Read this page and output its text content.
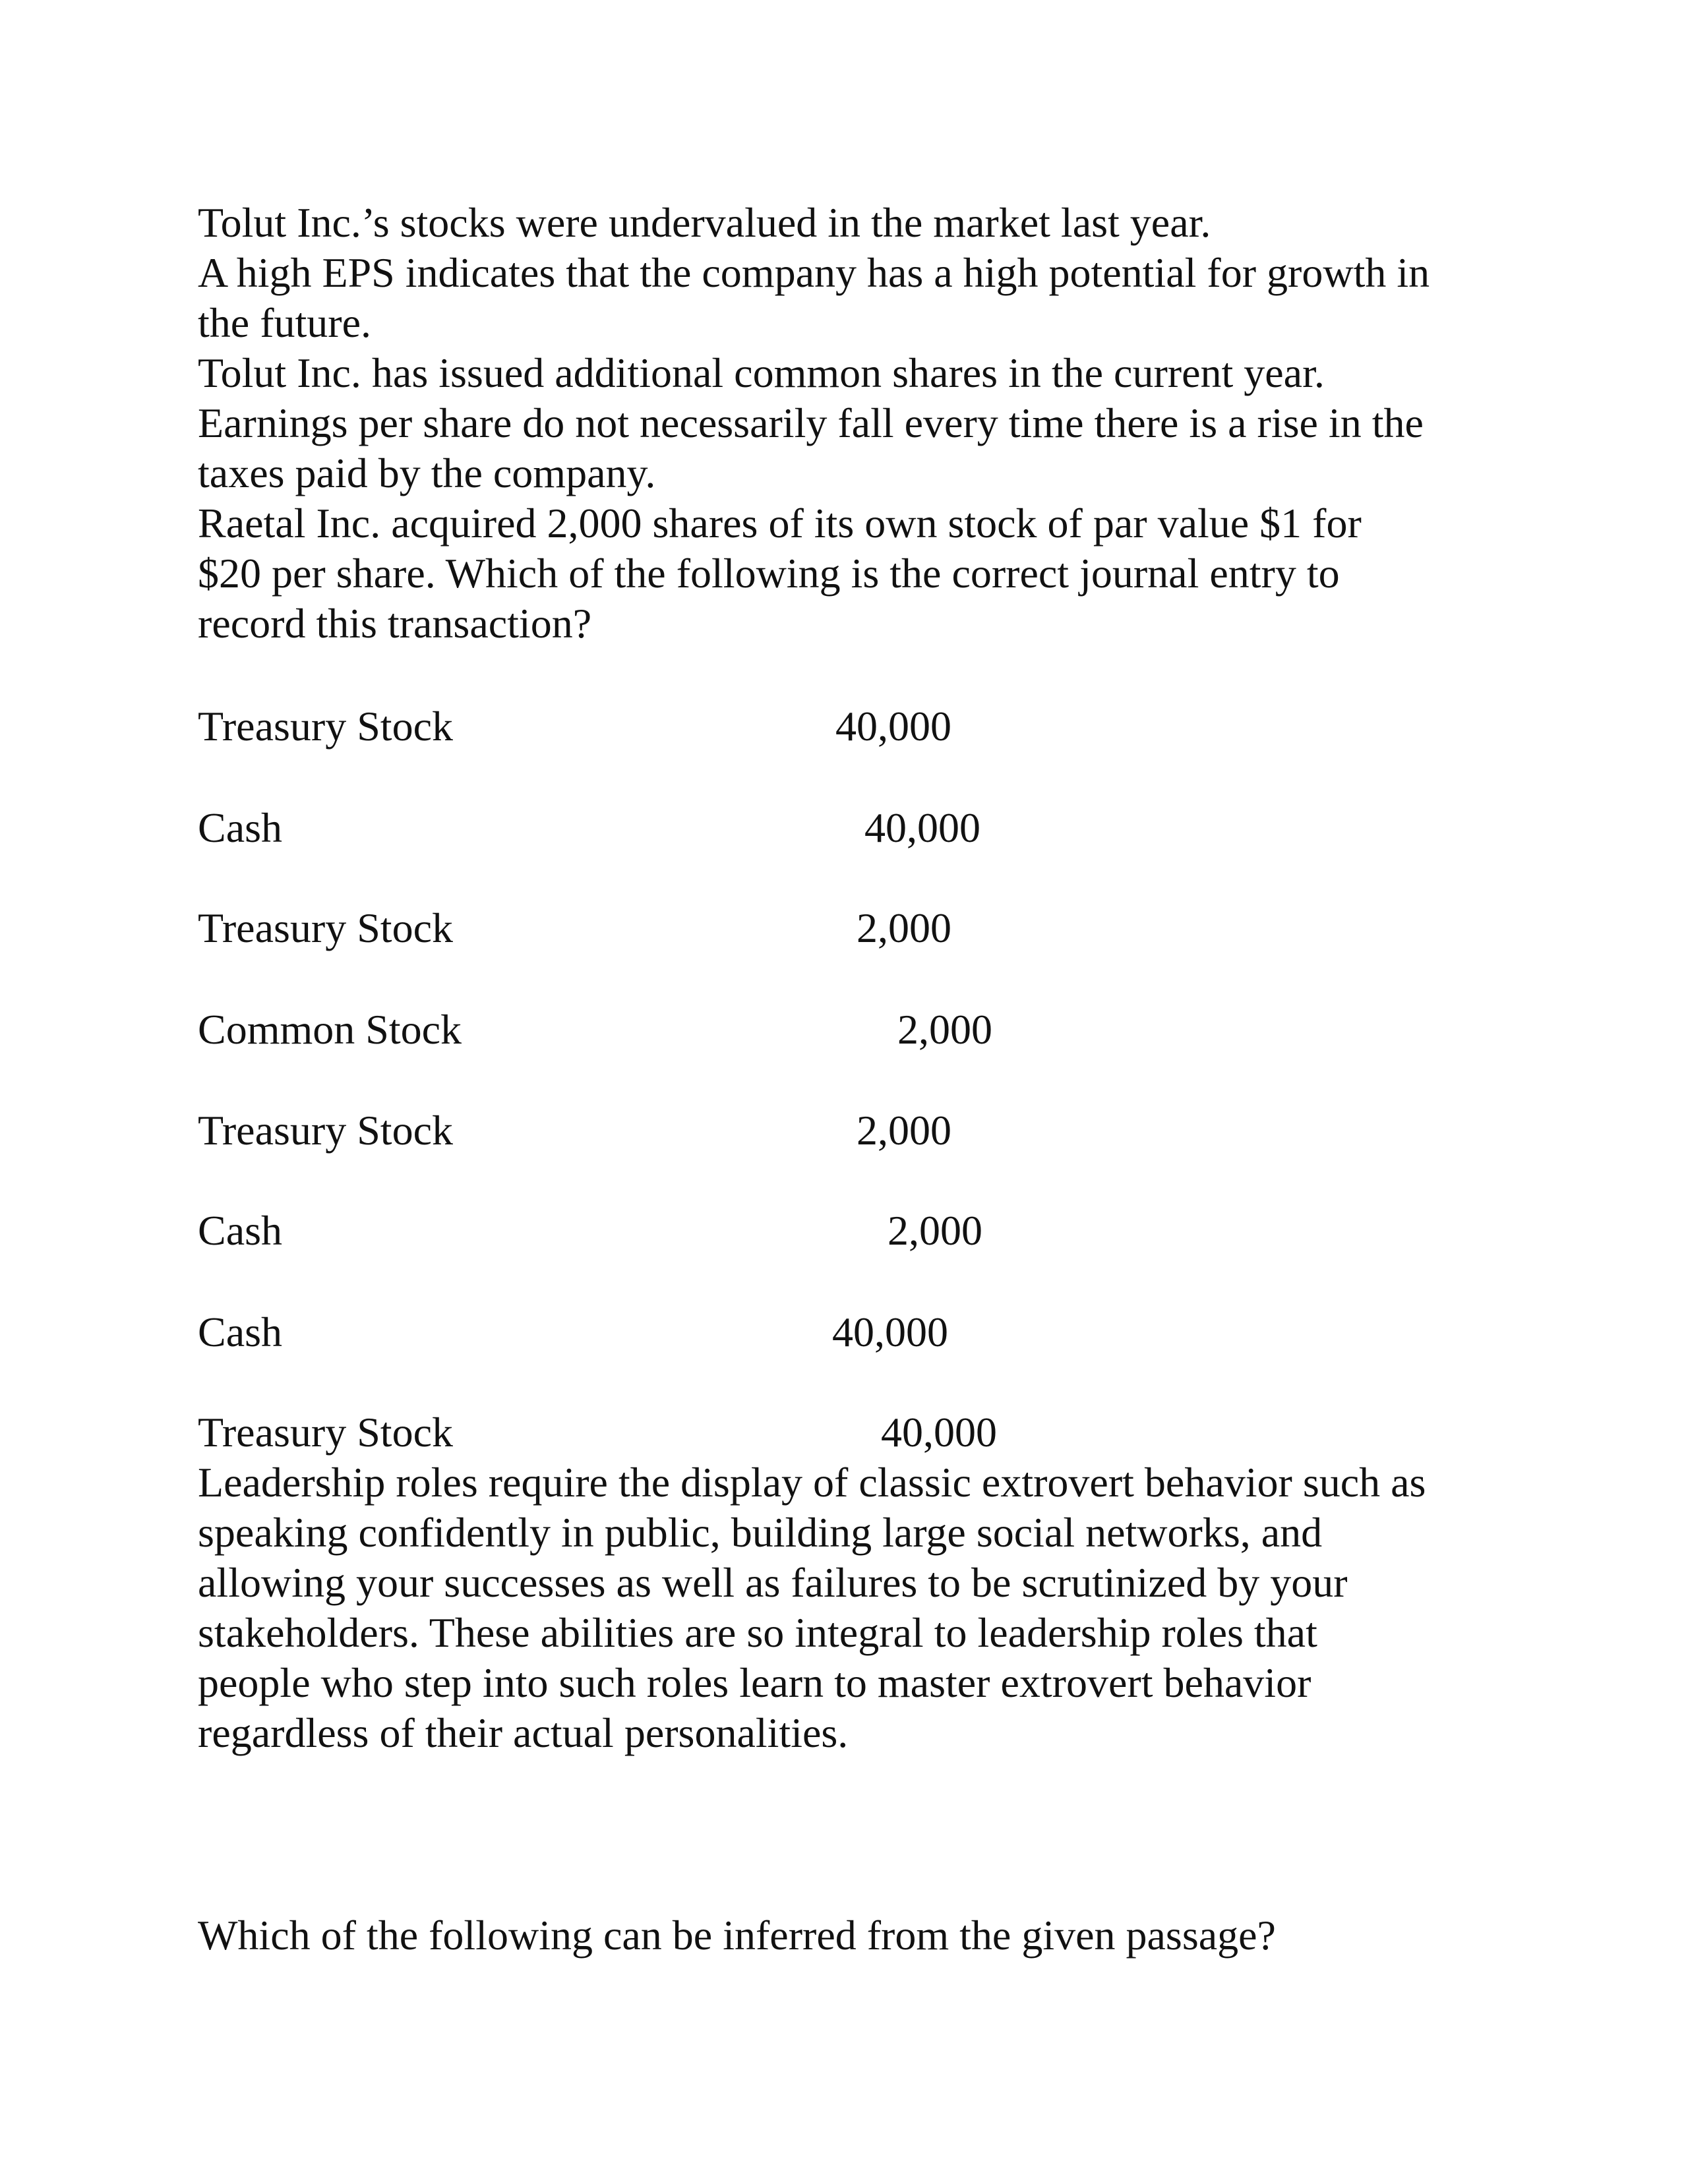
Tolut Inc.’s stocks were undervalued in the market last year.
A high EPS indicates that the company has a high potential for growth in
the future.
Tolut Inc. has issued additional common shares in the current year.
Earnings per share do not necessarily fall every time there is a rise in the
taxes paid by the company.
Raetal Inc. acquired 2,000 shares of its own stock of par value $1 for
$20 per share. Which of the following is the correct journal entry to
record this transaction?
Treasury Stock	40,000
Cash	40,000
Treasury Stock	2,000
Common Stock	2,000
Treasury Stock	2,000
Cash	2,000
Cash	40,000
Treasury Stock	40,000
Leadership roles require the display of classic extrovert behavior such as
speaking confidently in public, building large social networks, and
allowing your successes as well as failures to be scrutinized by your
stakeholders. These abilities are so integral to leadership roles that
people who step into such roles learn to master extrovert behavior
regardless of their actual personalities.
Which of the following can be inferred from the given passage?
